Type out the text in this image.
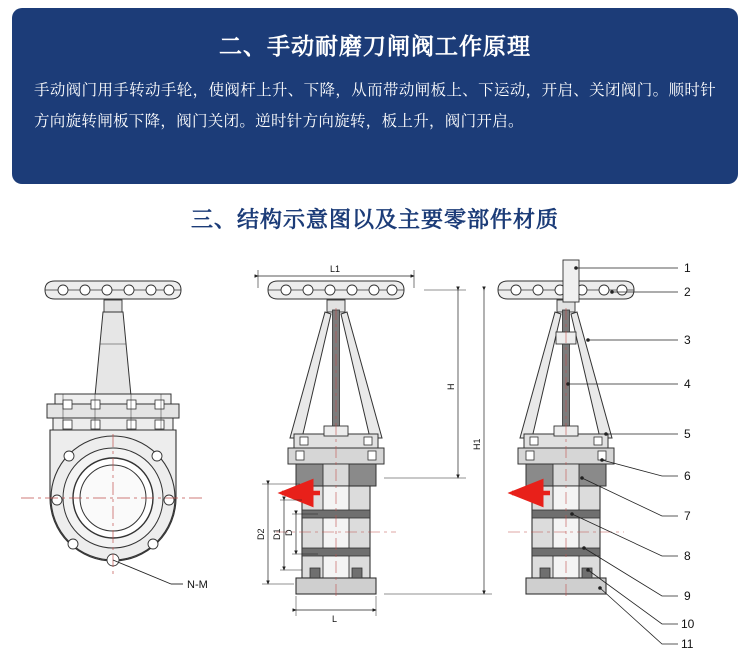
二、手动耐磨刀闸阀工作原理
手动阀门用手转动手轮，使阀杆上升、下降，从而带动闸板上、下运动，开启、关闭阀门。顺时针方向旋转闸板下降，阀门关闭。逆时针方向旋转，板上升，阀门开启。
三、结构示意图以及主要零部件材质
N-M
L1
H
H1
D2 D1 D
L
1
2
3
4
5
6
7
8
9
10
11
